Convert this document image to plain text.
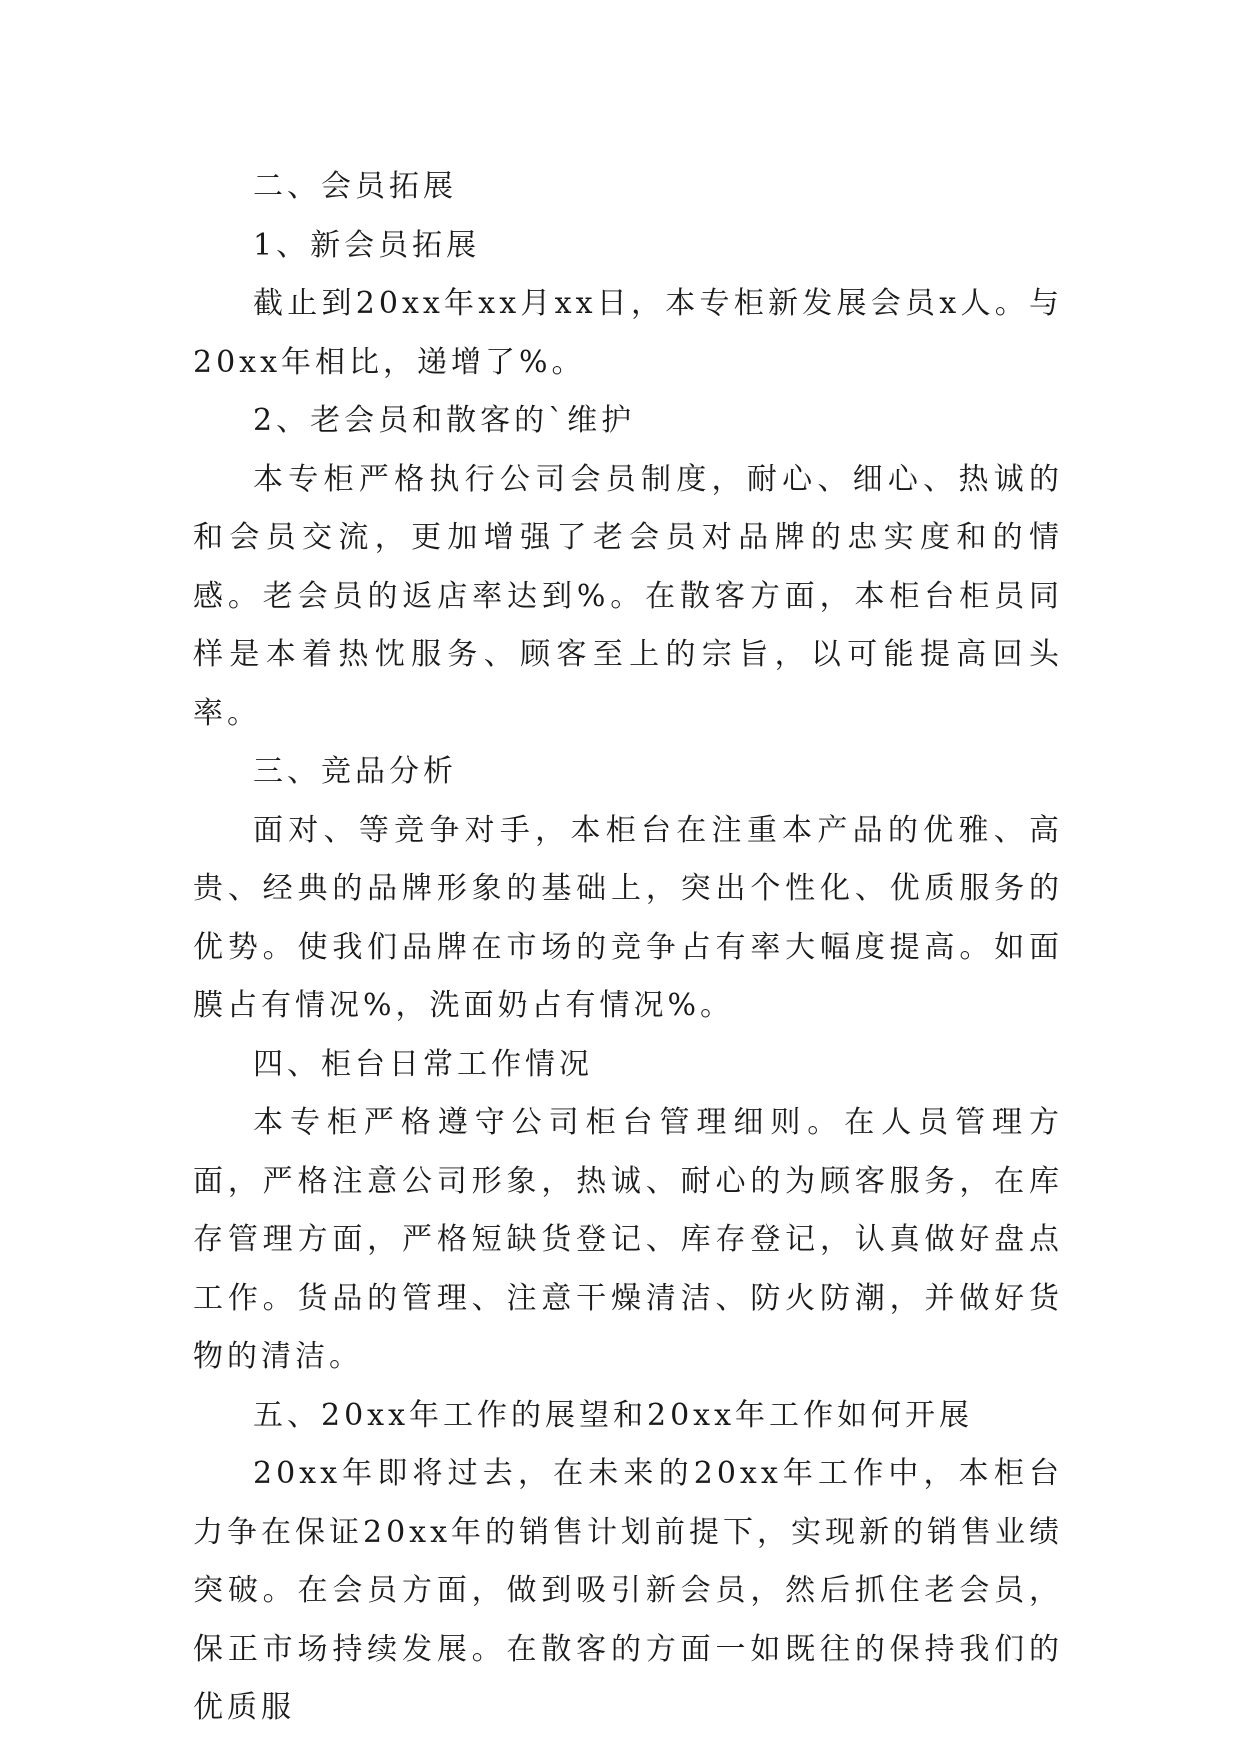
二、会员拓展

1、新会员拓展

截止到20xx年xx月xx日，本专柜新发展会员x人。与20xx年相比，递增了%。

2、老会员和散客的`维护

本专柜严格执行公司会员制度，耐心、细心、热诚的和会员交流，更加增强了老会员对品牌的忠实度和的情感。老会员的返店率达到%。在散客方面，本柜台柜员同样是本着热忱服务、顾客至上的宗旨，以可能提高回头率。

三、竞品分析

面对、等竞争对手，本柜台在注重本产品的优雅、高贵、经典的品牌形象的基础上，突出个性化、优质服务的优势。使我们品牌在市场的竞争占有率大幅度提高。如面膜占有情况%，洗面奶占有情况%。

四、柜台日常工作情况

本专柜严格遵守公司柜台管理细则。在人员管理方面，严格注意公司形象，热诚、耐心的为顾客服务，在库存管理方面，严格短缺货登记、库存登记，认真做好盘点工作。货品的管理、注意干燥清洁、防火防潮，并做好货物的清洁。

五、20xx年工作的展望和20xx年工作如何开展

20xx年即将过去，在未来的20xx年工作中，本柜台力争在保证20xx年的销售计划前提下，实现新的销售业绩突破。在会员方面，做到吸引新会员，然后抓住老会员，保正市场持续发展。在散客的方面一如既往的保持我们的优质服
